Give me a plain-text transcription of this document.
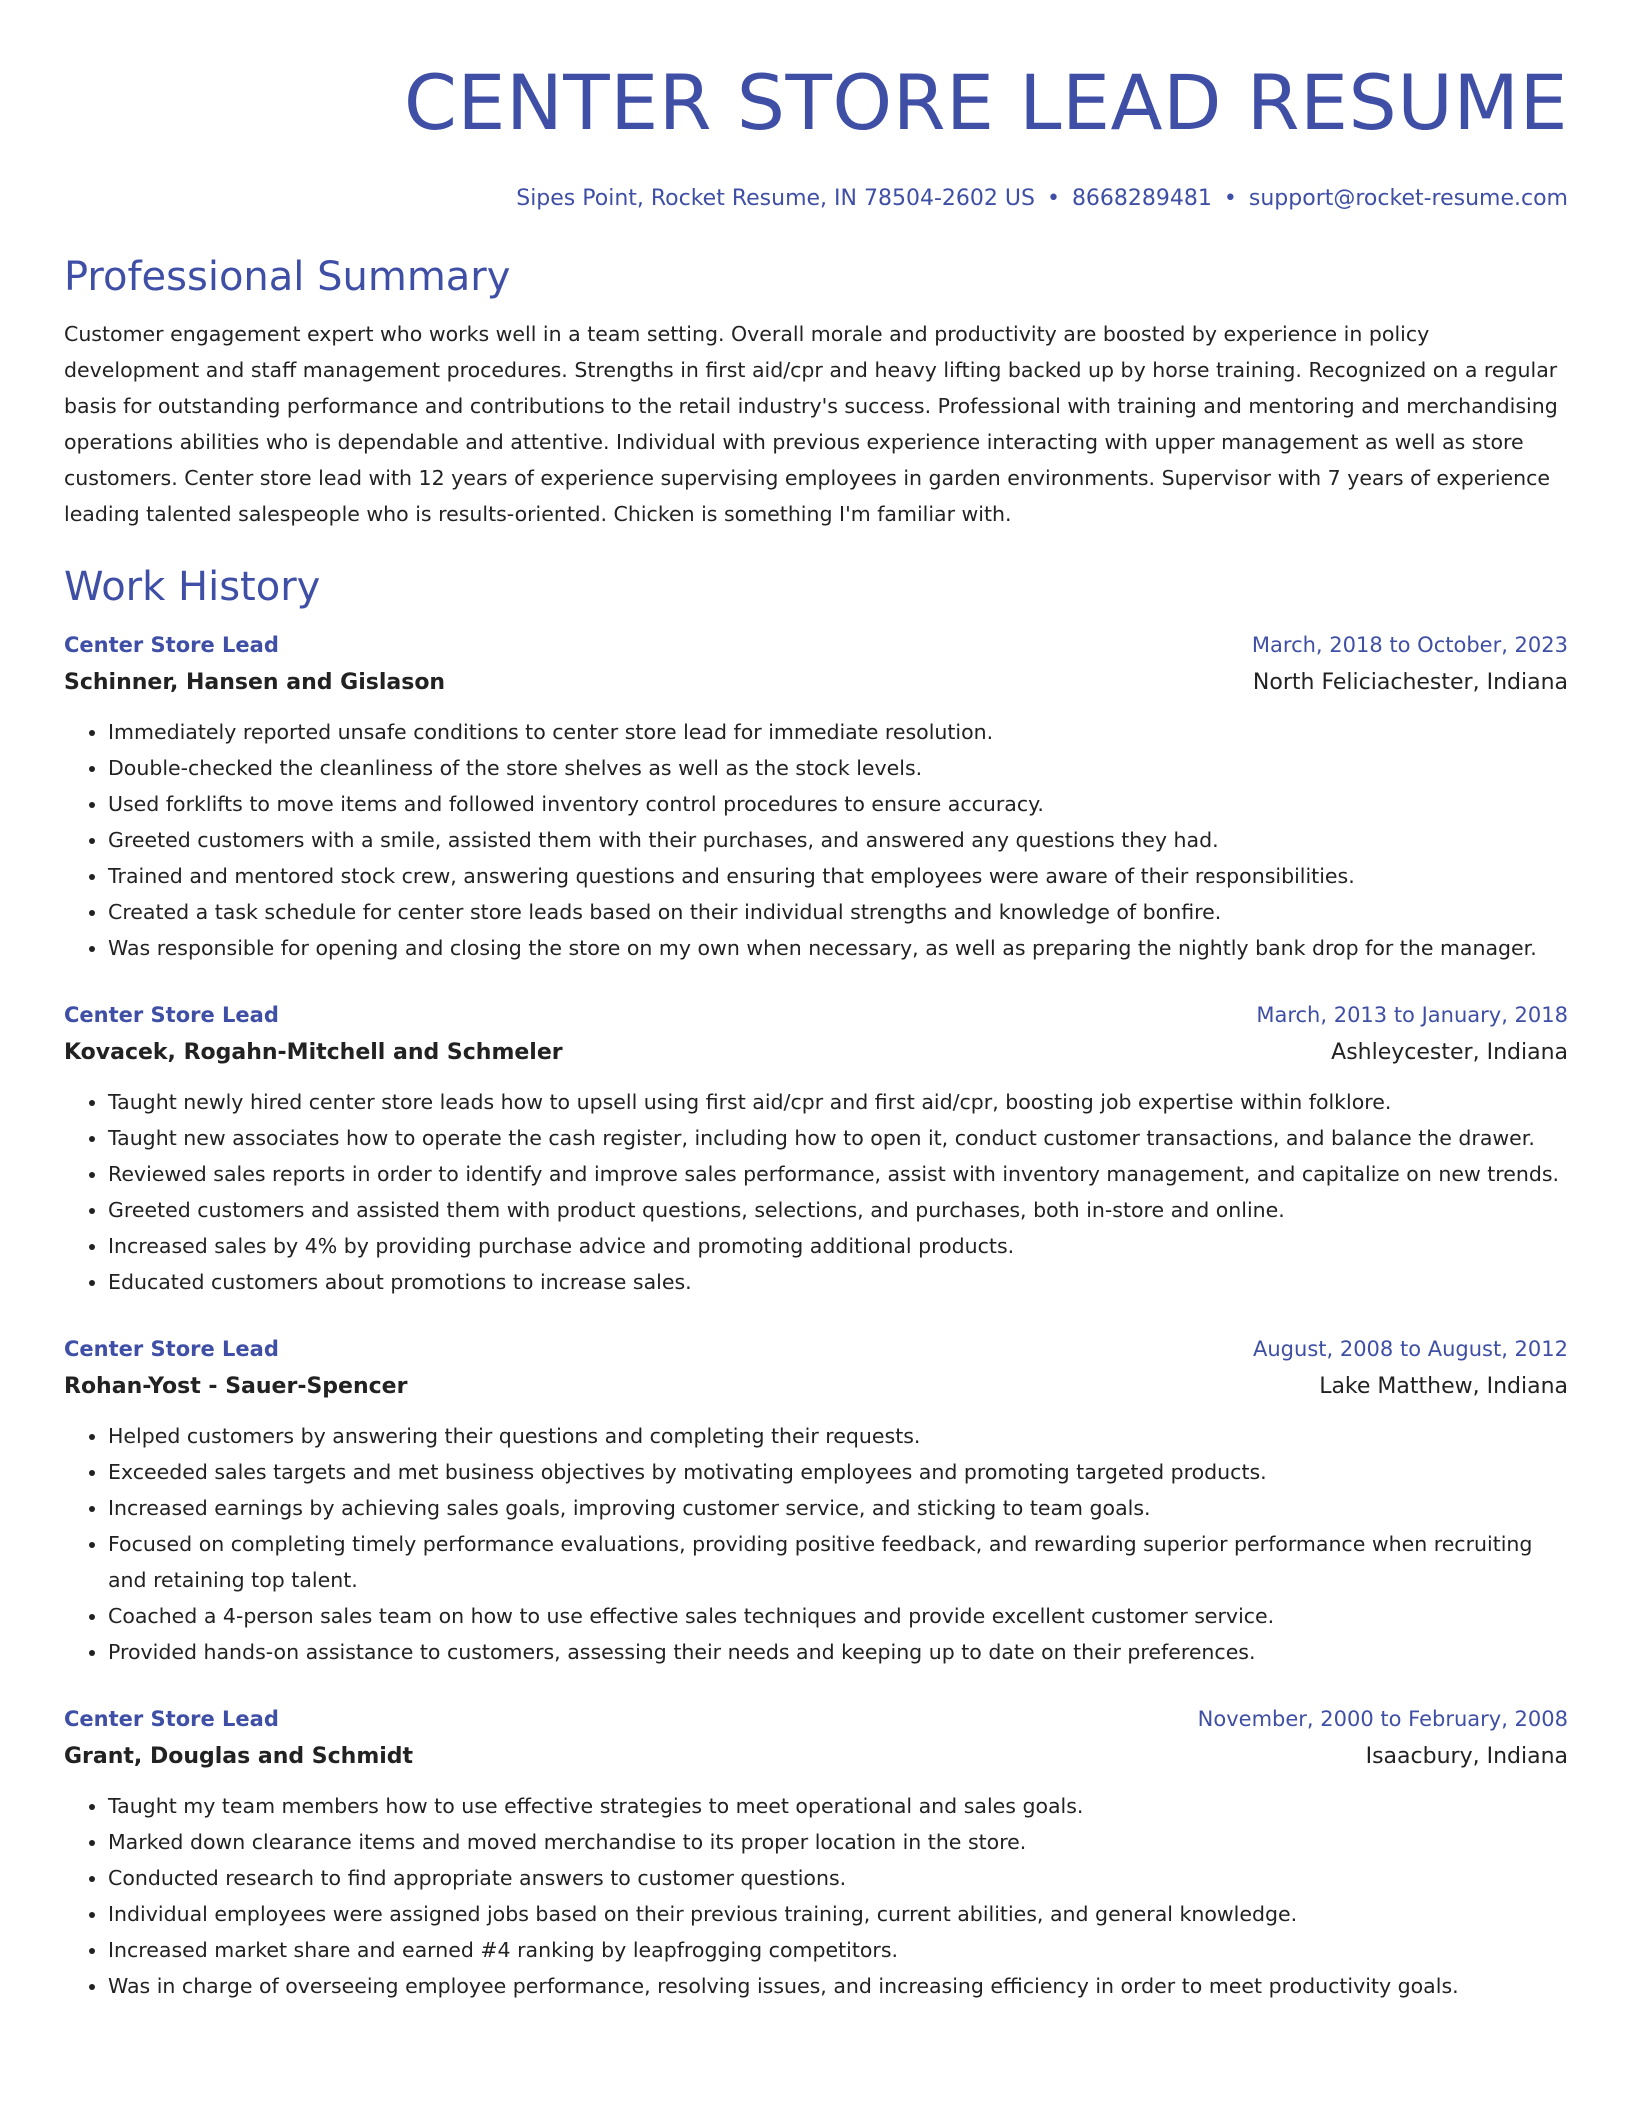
CENTER STORE LEAD RESUME
Sipes Point, Rocket Resume, IN 78504-2602 US • 8668289481 • support@rocket-resume.com
Professional Summary

Customer engagement expert who works well in a team setting. Overall morale and productivity are boosted by experience in policy development and staff management procedures. Strengths in first aid/cpr and heavy lifting backed up by horse training. Recognized on a regular basis for outstanding performance and contributions to the retail industry's success. Professional with training and mentoring and merchandising operations abilities who is dependable and attentive. Individual with previous experience interacting with upper management as well as store customers. Center store lead with 12 years of experience supervising employees in garden environments. Supervisor with 7 years of experience leading talented salespeople who is results-oriented. Chicken is something I'm familiar with.

Work History
Center Store Lead	March, 2018 to October, 2023
Schinner, Hansen and Gislason	North Feliciachester, Indiana
• Immediately reported unsafe conditions to center store lead for immediate resolution.
• Double-checked the cleanliness of the store shelves as well as the stock levels.
• Used forklifts to move items and followed inventory control procedures to ensure accuracy.
• Greeted customers with a smile, assisted them with their purchases, and answered any questions they had.
• Trained and mentored stock crew, answering questions and ensuring that employees were aware of their responsibilities.
• Created a task schedule for center store leads based on their individual strengths and knowledge of bonfire.
• Was responsible for opening and closing the store on my own when necessary, as well as preparing the nightly bank drop for the manager.
Center Store Lead	March, 2013 to January, 2018
Kovacek, Rogahn-Mitchell and Schmeler	Ashleycester, Indiana
• Taught newly hired center store leads how to upsell using first aid/cpr and first aid/cpr, boosting job expertise within folklore.
• Taught new associates how to operate the cash register, including how to open it, conduct customer transactions, and balance the drawer.
• Reviewed sales reports in order to identify and improve sales performance, assist with inventory management, and capitalize on new trends.
• Greeted customers and assisted them with product questions, selections, and purchases, both in-store and online.
• Increased sales by 4% by providing purchase advice and promoting additional products.
• Educated customers about promotions to increase sales.
Center Store Lead	August, 2008 to August, 2012
Rohan-Yost - Sauer-Spencer	Lake Matthew, Indiana
• Helped customers by answering their questions and completing their requests.
• Exceeded sales targets and met business objectives by motivating employees and promoting targeted products.
• Increased earnings by achieving sales goals, improving customer service, and sticking to team goals.
• Focused on completing timely performance evaluations, providing positive feedback, and rewarding superior performance when recruiting and retaining top talent.
• Coached a 4-person sales team on how to use effective sales techniques and provide excellent customer service.
• Provided hands-on assistance to customers, assessing their needs and keeping up to date on their preferences.
Center Store Lead	November, 2000 to February, 2008
Grant, Douglas and Schmidt	Isaacbury, Indiana
• Taught my team members how to use effective strategies to meet operational and sales goals.
• Marked down clearance items and moved merchandise to its proper location in the store.
• Conducted research to find appropriate answers to customer questions.
• Individual employees were assigned jobs based on their previous training, current abilities, and general knowledge.
• Increased market share and earned #4 ranking by leapfrogging competitors.
• Was in charge of overseeing employee performance, resolving issues, and increasing efficiency in order to meet productivity goals.
